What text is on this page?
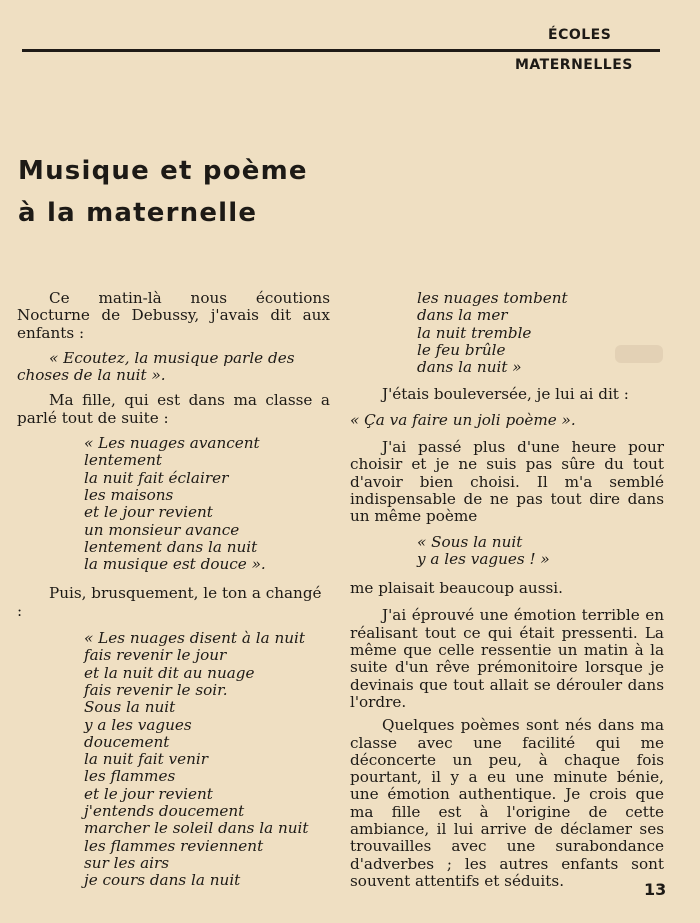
ÉCOLES
MATERNELLES
Musique et poème
à la maternelle

Ce matin-là nous écoutions Nocturne de Debussy, j'avais dit aux enfants :

« Ecoutez, la musique parle des choses de la nuit ».

Ma fille, qui est dans ma classe a parlé tout de suite :

« Les nuages avancent
lentement
la nuit fait éclairer
les maisons
et le jour revient
un monsieur avance
lentement dans la nuit
la musique est douce ».

Puis, brusquement, le ton a changé :

« Les nuages disent à la nuit
fais revenir le jour
et la nuit dit au nuage
fais revenir le soir.
Sous la nuit
y a les vagues
doucement
la nuit fait venir
les flammes
et le jour revient
j'entends doucement
marcher le soleil dans la nuit
les flammes reviennent
sur les airs
je cours dans la nuit
les nuages tombent
dans la mer
la nuit tremble
le feu brûle
dans la nuit »

J'étais bouleversée, je lui ai dit :

« Ça va faire un joli poème ».

J'ai passé plus d'une heure pour choisir et je ne suis pas sûre du tout d'avoir bien choisi. Il m'a semblé indispensable de ne pas tout dire dans un même poème

« Sous la nuit
y a les vagues ! »

me plaisait beaucoup aussi.

J'ai éprouvé une émotion terrible en réalisant tout ce qui était pressenti. La même que celle ressentie un matin à la suite d'un rêve prémonitoire lorsque je devinais que tout allait se dérouler dans l'ordre.

Quelques poèmes sont nés dans ma classe avec une facilité qui me déconcerte un peu, à chaque fois pourtant, il y a eu une minute bénie, une émotion authentique. Je crois que ma fille est à l'origine de cette ambiance, il lui arrive de déclamer ses trouvailles avec une surabondance d'adverbes ; les autres enfants sont souvent attentifs et séduits.	13
